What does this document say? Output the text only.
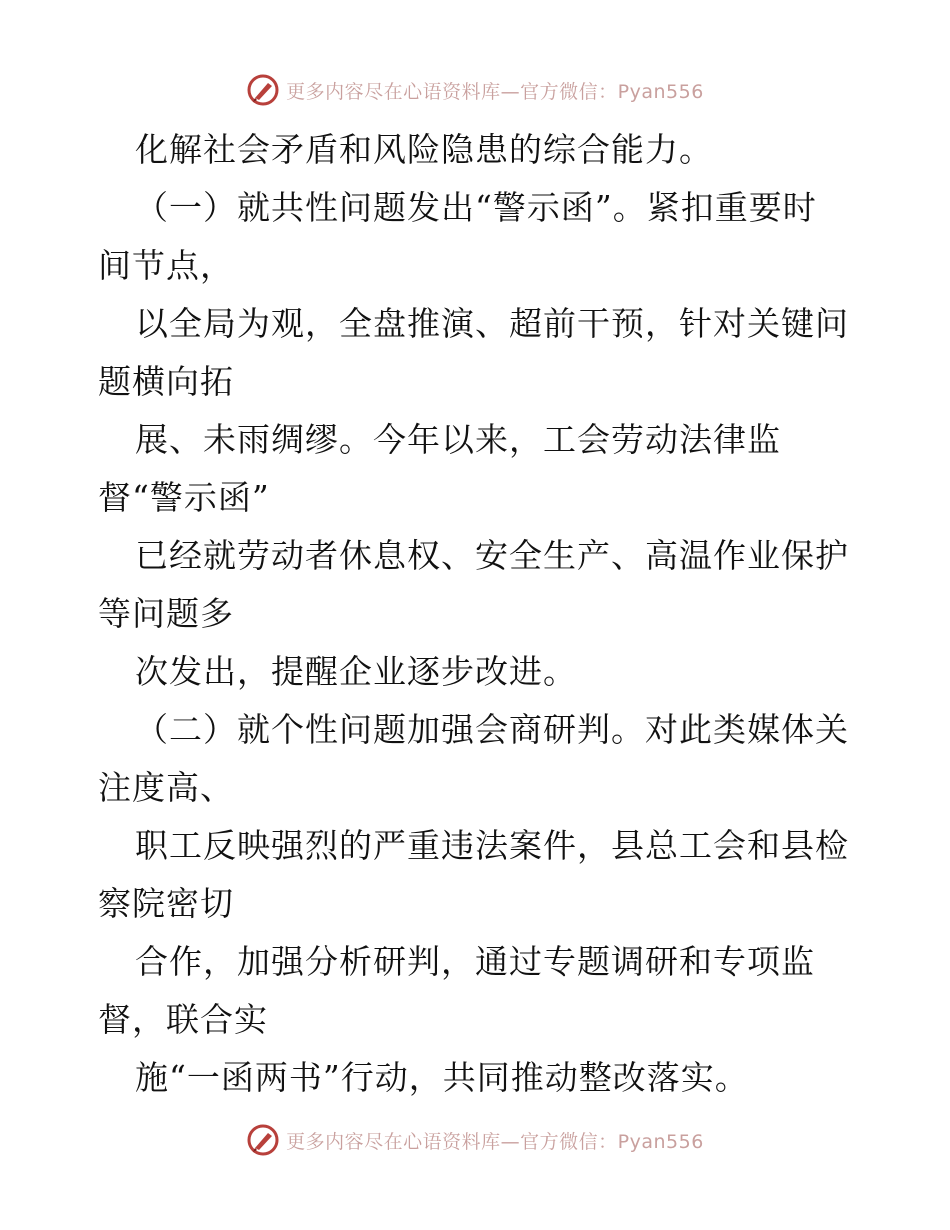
更多内容尽在心语资料库—官方微信：Pyan556
化解社会矛盾和风险隐患的综合能力。
（一）就共性问题发出“警示函”。紧扣重要时
间节点，
以全局为观，全盘推演、超前干预，针对关键问
题横向拓
展、未雨绸缪。今年以来，工会劳动法律监
督“警示函”
已经就劳动者休息权、安全生产、高温作业保护
等问题多
次发出，提醒企业逐步改进。
（二）就个性问题加强会商研判。对此类媒体关
注度高、
职工反映强烈的严重违法案件，县总工会和县检
察院密切
合作，加强分析研判，通过专题调研和专项监
督，联合实
施“一函两书”行动，共同推动整改落实。
更多内容尽在心语资料库—官方微信：Pyan556
